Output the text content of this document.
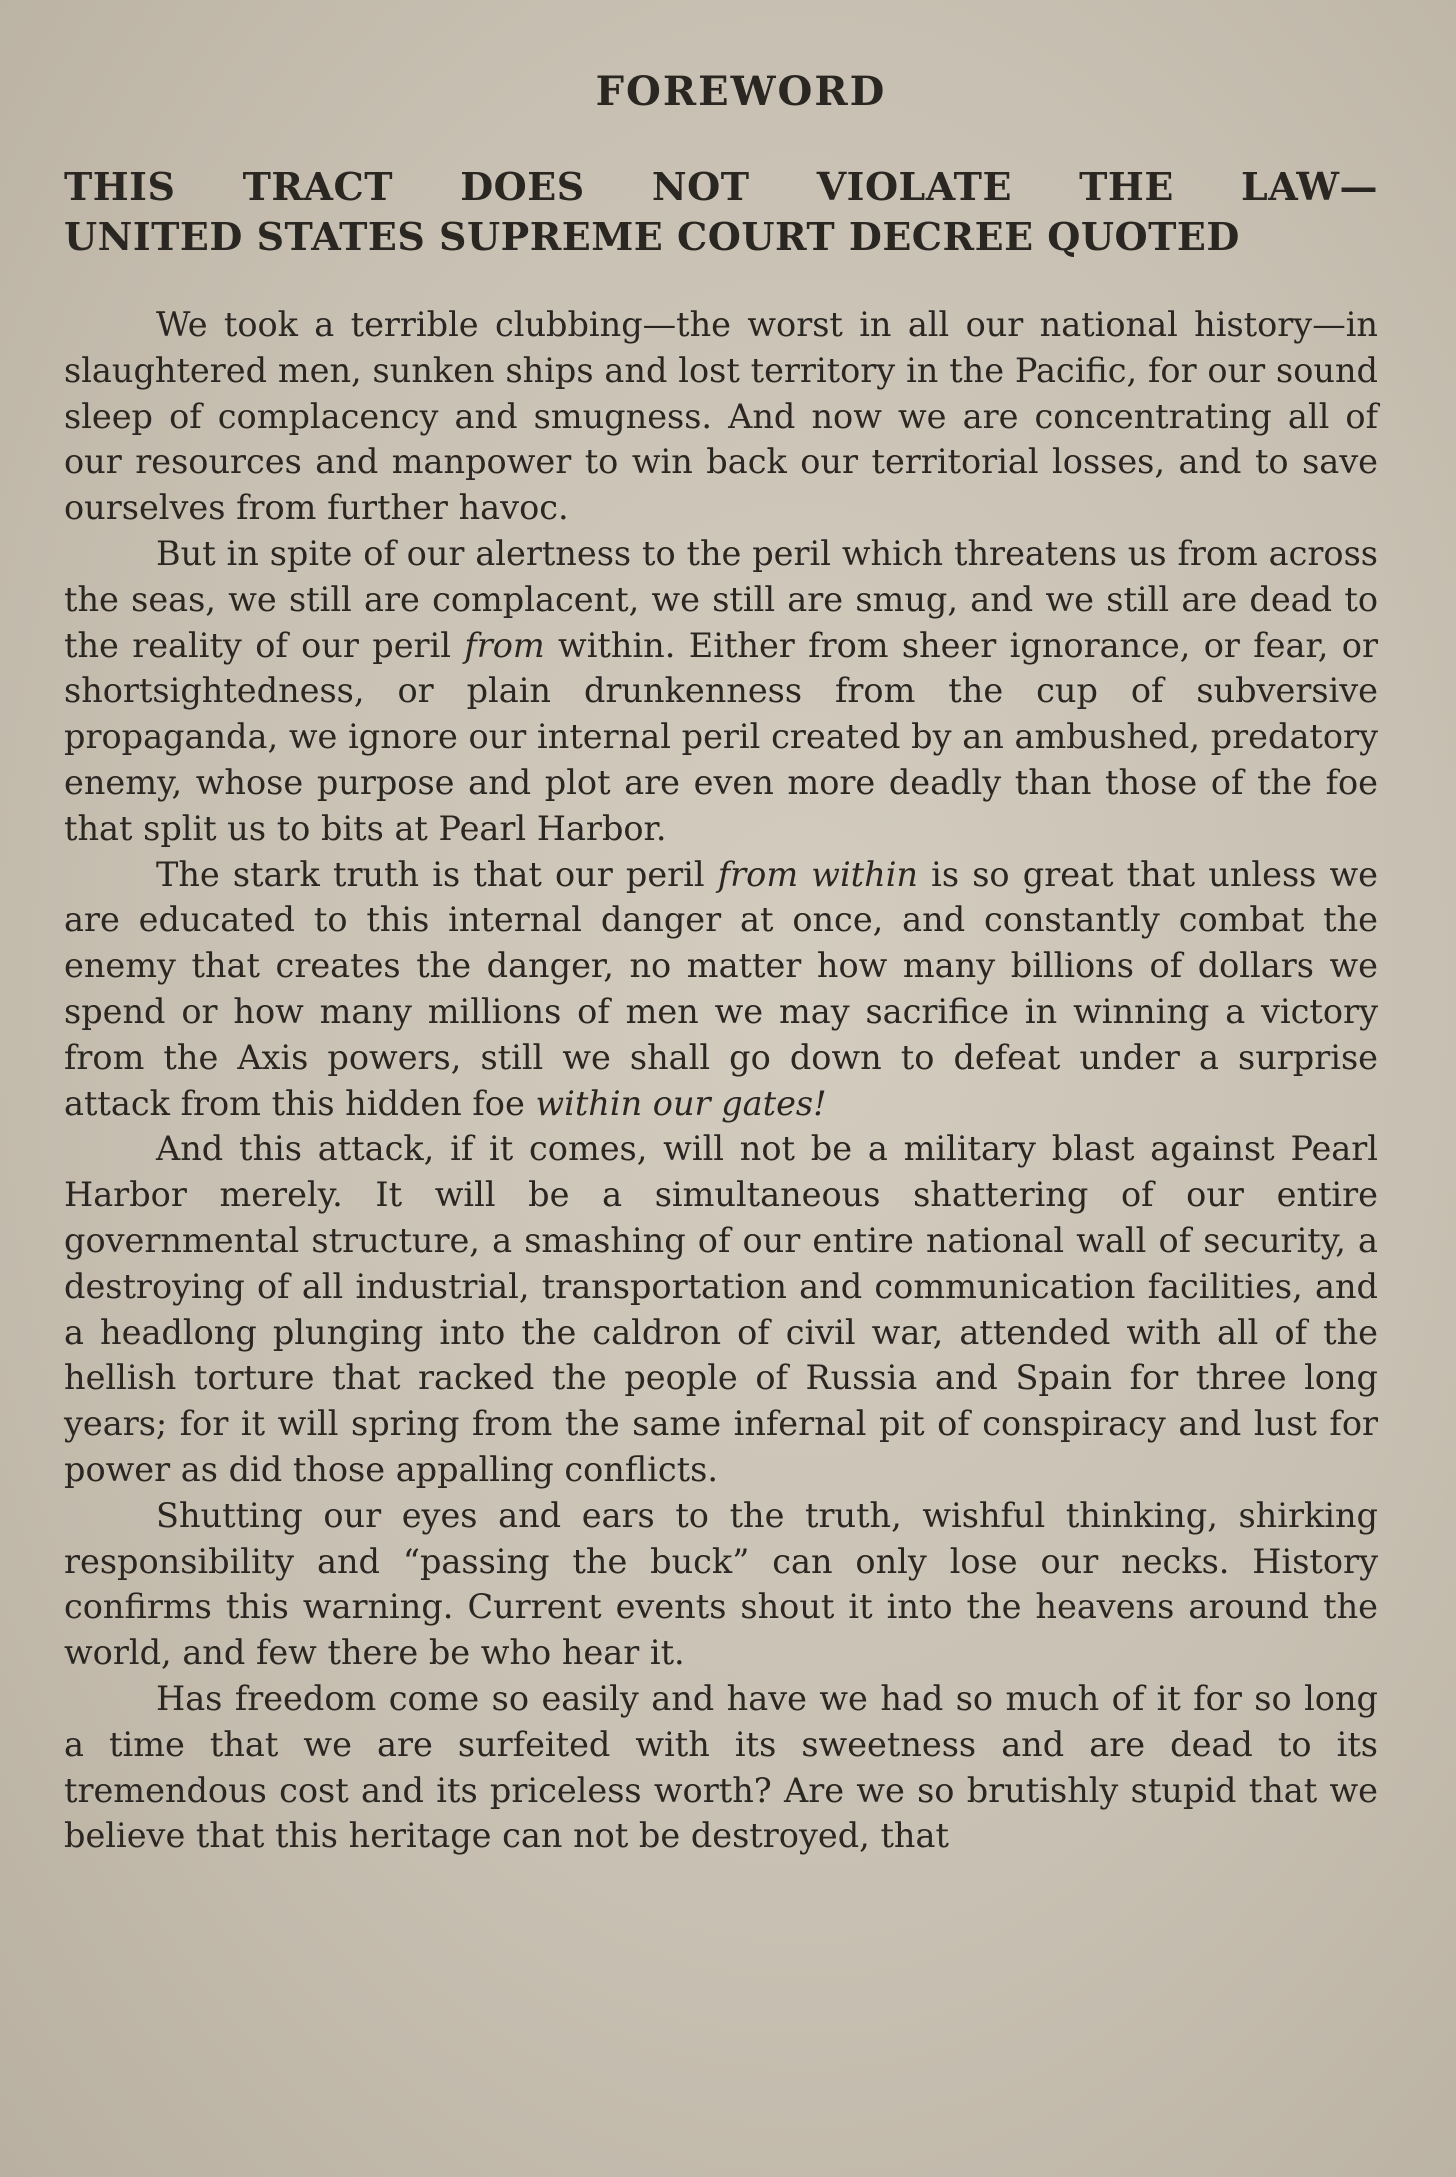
FOREWORD
THIS TRACT DOES NOT VIOLATE THE LAW—
UNITED STATES SUPREME COURT DECREE QUOTED

We took a terrible clubbing—the worst in all our national history—in slaughtered men, sunken ships and lost territory in the Pacific, for our sound sleep of complacency and smugness. And now we are concentrating all of our resources and manpower to win back our territorial losses, and to save ourselves from further havoc.

But in spite of our alertness to the peril which threatens us from across the seas, we still are complacent, we still are smug, and we still are dead to the reality of our peril from within. Either from sheer ignorance, or fear, or shortsightedness, or plain drunkenness from the cup of subversive propaganda, we ignore our internal peril created by an ambushed, predatory enemy, whose purpose and plot are even more deadly than those of the foe that split us to bits at Pearl Harbor.

The stark truth is that our peril from within is so great that unless we are educated to this internal danger at once, and constantly combat the enemy that creates the danger, no matter how many billions of dollars we spend or how many millions of men we may sacrifice in winning a victory from the Axis powers, still we shall go down to defeat under a surprise attack from this hidden foe within our gates!

And this attack, if it comes, will not be a military blast against Pearl Harbor merely. It will be a simultaneous shattering of our entire governmental structure, a smashing of our entire national wall of security, a destroying of all industrial, transportation and communication facilities, and a headlong plunging into the caldron of civil war, attended with all of the hellish torture that racked the people of Russia and Spain for three long years; for it will spring from the same infernal pit of conspiracy and lust for power as did those appalling conflicts.

Shutting our eyes and ears to the truth, wishful thinking, shirking responsibility and “passing the buck” can only lose our necks. History confirms this warning. Current events shout it into the heavens around the world, and few there be who hear it.

Has freedom come so easily and have we had so much of it for so long a time that we are surfeited with its sweetness and are dead to its tremendous cost and its priceless worth? Are we so brutishly stupid that we believe that this heritage can not be destroyed, that
